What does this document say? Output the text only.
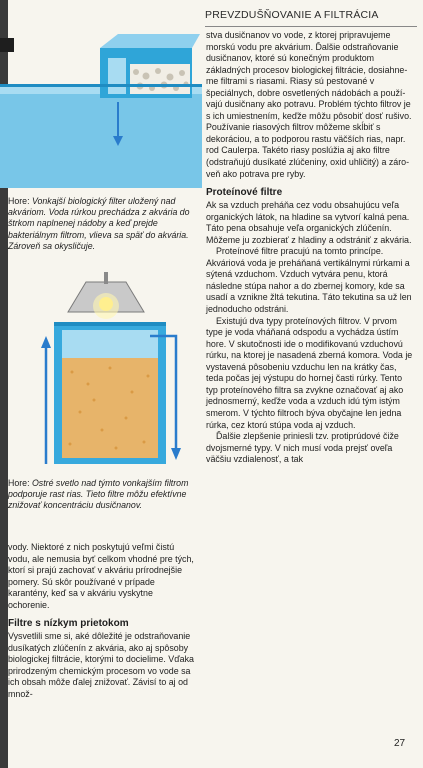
PREVZDUŠŇOVANIE A FILTRÁCIA
Hore: Vonkajší biologický filter uložený nad akváriom. Voda rúrkou prechádza z akvária do štrkom naplnenej nádoby a keď prejde bakteriálnym filtrom, vlieva sa späť do akvária. Zároveň sa okysličuje.
Hore: Ostré svetlo nad týmto vonkajším filtrom podporuje rast rias. Tieto filtre môžu efektívne znižovať koncentráciu dusičnanov.

vody. Niektoré z nich poskytujú veľmi čistú vodu, ale nemusia byť celkom vhodné pre tých, ktorí si prajú zachovať v akváriu prírodnejšie pomery. Sú skôr používané v prípade karantény, keď sa v akváriu vyskytne ochorenie.

Filtre s nízkym prietokom

Vysvetlili sme si, aké dôležité je odstraňovanie dusíkatých zlúčenín z akvária, ako aj spôsoby biologickej filtrácie, ktorými to docielime. Vďaka prirodzeným chemickým procesom vo vode sa ich obsah môže ďalej znižovať. Závisí to aj od množ-

stva dusičnanov vo vode, z ktorej pripravujeme morskú vodu pre akvárium. Ďalšie odstraňovanie dusičnanov, ktoré sú konečným produktom základných procesov biologickej filtrácie, dosiahneme filtrami s riasami. Riasy sú pestované v špeciálnych, dobre osvetlených nádobách a používajú dusičnany ako potravu. Problém týchto filtrov je s ich umiestnením, keďže môžu pôsobiť dosť rušivo. Používanie riasových filtrov môžeme skĺbiť s dekoráciou, a to podporou rastu väčších rias, napr. rod Caulerpa. Takéto riasy poslúžia aj ako filtre (odstraňujú dusíkaté zlúčeniny, oxid uhličitý) a zároveň ako potrava pre ryby.

Proteínové filtre

Ak sa vzduch preháňa cez vodu obsahujúcu veľa organických látok, na hladine sa vytvorí kalná pena. Táto pena obsahuje veľa organických zlúčenín. Môžeme ju zozbierať z hladiny a odstrániť z akvária.

Proteínové filtre pracujú na tomto princípe. Akváriová voda je preháňaná vertikálnymi rúrkami a sýtená vzduchom. Vzduch vytvára penu, ktorá následne stúpa nahor a do zbernej komory, kde sa usadí a vznikne žltá tekutina. Táto tekutina sa už len jednoducho odstráni.

Existujú dva typy proteínových filtrov. V prvom type je voda vháňaná odspodu a vychádza ústím hore. V skutočnosti ide o modifikovanú vzduchovú rúrku, na ktorej je nasadená zberná komora. Voda je vystavená pôsobeniu vzduchu len na krátky čas, teda počas jej výstupu do hornej časti rúrky. Tento typ proteínového filtra sa zvykne označovať aj ako jednosmerný, keďže voda a vzduch idú tým istým smerom. V týchto filtroch býva obyčajne len jedna rúrka, cez ktorú stúpa voda aj vzduch.

Ďalšie zlepšenie priniesli tzv. protiprúdové čiže dvojsmerné typy. V nich musí voda prejsť oveľa väčšiu vzdialenosť, a tak

27
